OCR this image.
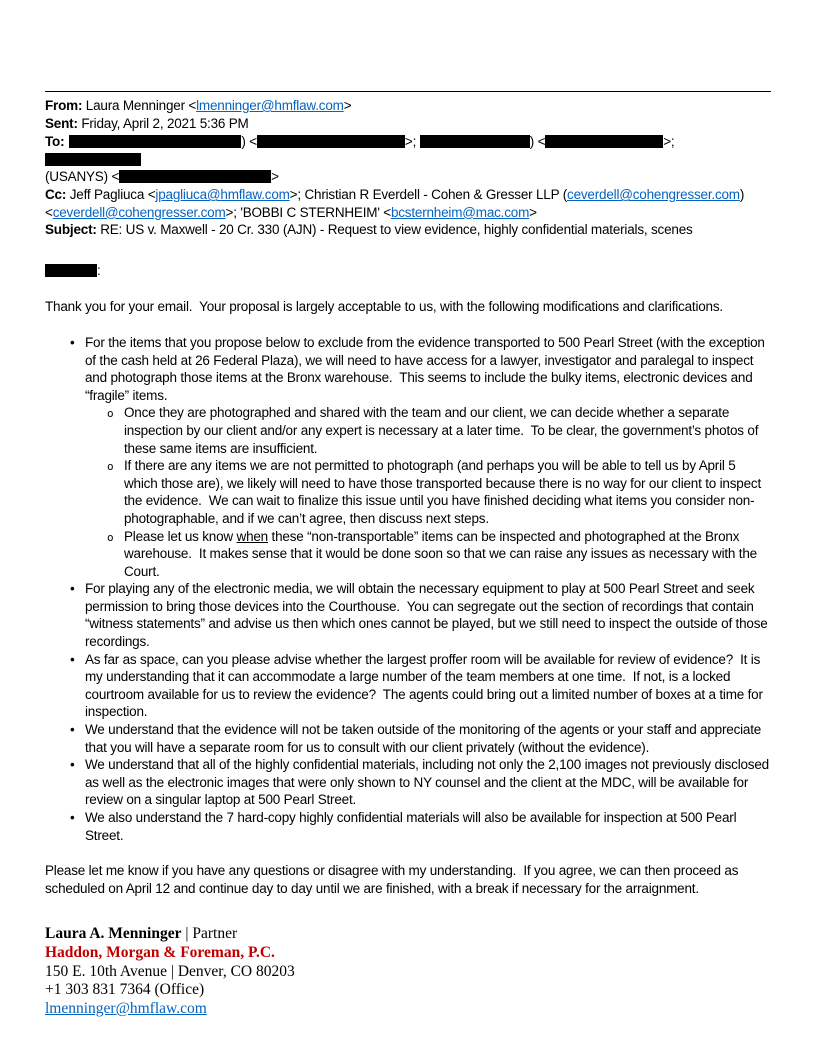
From: Laura Menninger <lmenninger@hmflaw.com>
Sent: Friday, April 2, 2021 5:36 PM
To:	) <	>;	) <	>;
(USANYS) <	>
Cc: Jeff Pagliuca <jpagliuca@hmflaw.com>; Christian R Everdell - Cohen & Gresser LLP (ceverdell@cohengresser.com) <ceverdell@cohengresser.com>; 'BOBBI C STERNHEIM' <bcsternheim@mac.com>
Subject: RE: US v. Maxwell - 20 Cr. 330 (AJN) - Request to view evidence, highly confidential materials, scenes
:

Thank you for your email.  Your proposal is largely acceptable to us, with the following modifications and clarifications.

• For the items that you propose below to exclude from the evidence transported to 500 Pearl Street (with the exception of the cash held at 26 Federal Plaza), we will need to have access for a lawyer, investigator and paralegal to inspect and photograph those items at the Bronx warehouse.  This seems to include the bulky items, electronic devices and “fragile” items.
o Once they are photographed and shared with the team and our client, we can decide whether a separate inspection by our client and/or any expert is necessary at a later time.  To be clear, the government’s photos of these same items are insufficient.
o If there are any items we are not permitted to photograph (and perhaps you will be able to tell us by April 5 which those are), we likely will need to have those transported because there is no way for our client to inspect the evidence.  We can wait to finalize this issue until you have finished deciding what items you consider non-photographable, and if we can’t agree, then discuss next steps.
o Please let us know when these “non-transportable” items can be inspected and photographed at the Bronx warehouse.  It makes sense that it would be done soon so that we can raise any issues as necessary with the Court.
• For playing any of the electronic media, we will obtain the necessary equipment to play at 500 Pearl Street and seek permission to bring those devices into the Courthouse.  You can segregate out the section of recordings that contain “witness statements” and advise us then which ones cannot be played, but we still need to inspect the outside of those recordings.
• As far as space, can you please advise whether the largest proffer room will be available for review of evidence?  It is my understanding that it can accommodate a large number of the team members at one time.  If not, is a locked courtroom available for us to review the evidence?  The agents could bring out a limited number of boxes at a time for inspection.
• We understand that the evidence will not be taken outside of the monitoring of the agents or your staff and appreciate that you will have a separate room for us to consult with our client privately (without the evidence).
• We understand that all of the highly confidential materials, including not only the 2,100 images not previously disclosed as well as the electronic images that were only shown to NY counsel and the client at the MDC, will be available for review on a singular laptop at 500 Pearl Street.
• We also understand the 7 hard-copy highly confidential materials will also be available for inspection at 500 Pearl Street.

Please let me know if you have any questions or disagree with my understanding.  If you agree, we can then proceed as scheduled on April 12 and continue day to day until we are finished, with a break if necessary for the arraignment.

Laura A. Menninger | Partner
Haddon, Morgan & Foreman, P.C.
150 E. 10th Avenue | Denver, CO 80203
+1 303 831 7364 (Office)
lmenninger@hmflaw.com
